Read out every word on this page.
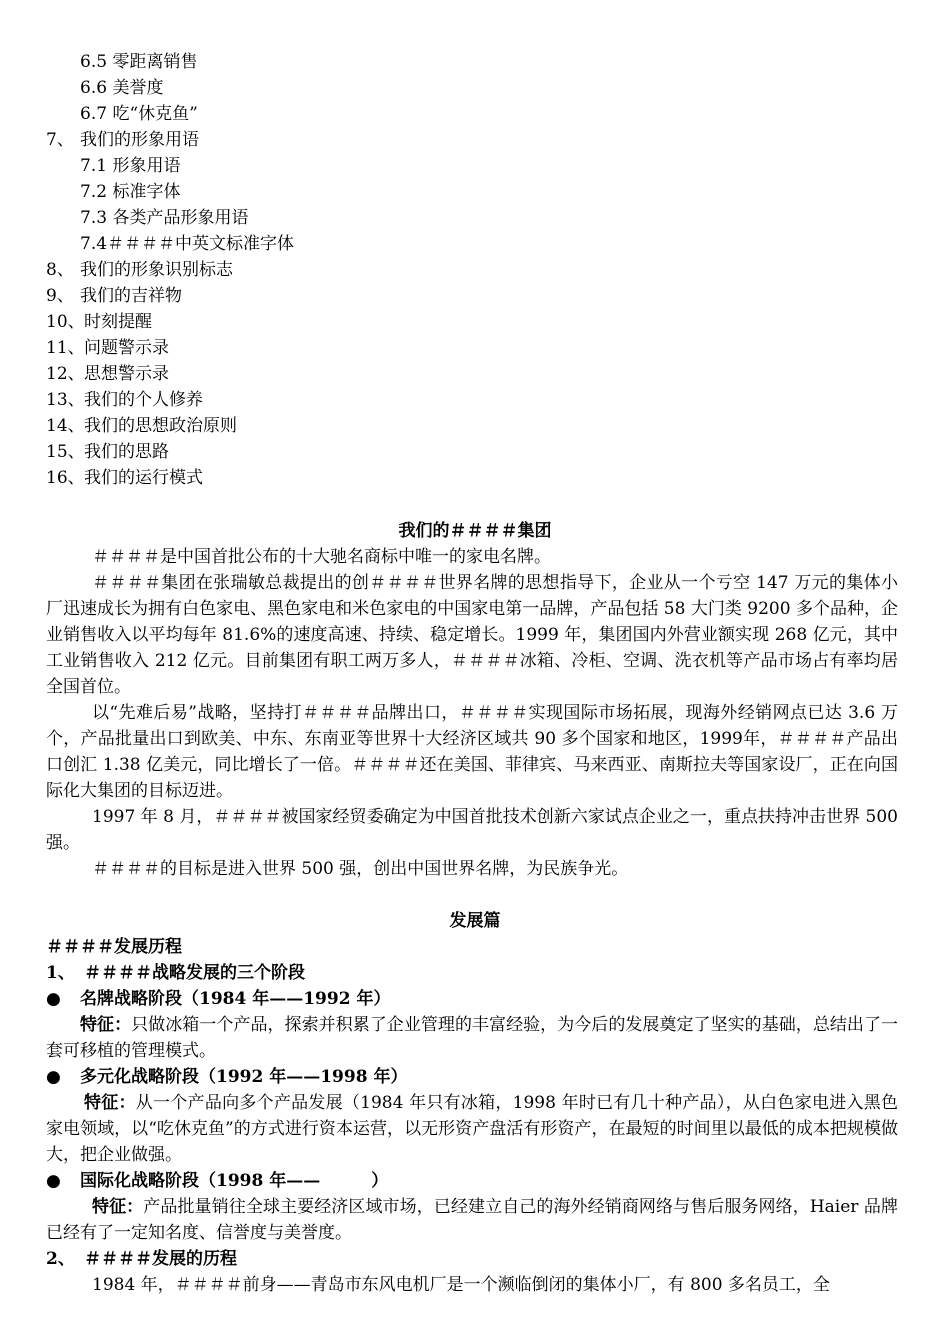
6.5 零距离销售
6.6 美誉度
6.7 吃“休克鱼”
7、 我们的形象用语
7.1 形象用语
7.2 标准字体
7.3 各类产品形象用语
7.4＃＃＃＃中英文标准字体
8、 我们的形象识别标志
9、 我们的吉祥物
10、时刻提醒
11、问题警示录
12、思想警示录
13、我们的个人修养
14、我们的思想政治原则
15、我们的思路
16、我们的运行模式
我们的＃＃＃＃集团

＃＃＃＃是中国首批公布的十大驰名商标中唯一的家电名牌。

＃＃＃＃集团在张瑞敏总裁提出的创＃＃＃＃世界名牌的思想指导下，企业从一个亏空 147 万元的集体小厂迅速成长为拥有白色家电、黑色家电和米色家电的中国家电第一品牌，产品包括 58 大门类 9200 多个品种，企业销售收入以平均每年 81.6%的速度高速、持续、稳定增长。1999 年，集团国内外营业额实现 268 亿元，其中工业销售收入 212 亿元。目前集团有职工两万多人，＃＃＃＃冰箱、冷柜、空调、洗衣机等产品市场占有率均居全国首位。

以“先难后易”战略，坚持打＃＃＃＃品牌出口，＃＃＃＃实现国际市场拓展，现海外经销网点已达 3.6 万个，产品批量出口到欧美、中东、东南亚等世界十大经济区域共 90 多个国家和地区，1999年，＃＃＃＃产品出口创汇 1.38 亿美元，同比增长了一倍。＃＃＃＃还在美国、菲律宾、马来西亚、南斯拉夫等国家设厂，正在向国际化大集团的目标迈进。

1997 年 8 月，＃＃＃＃被国家经贸委确定为中国首批技术创新六家试点企业之一，重点扶持冲击世界 500 强。

＃＃＃＃的目标是进入世界 500 强，创出中国世界名牌，为民族争光。

发展篇
＃＃＃＃发展历程
1、 ＃＃＃＃战略发展的三个阶段
● 名牌战略阶段（1984 年——1992 年）
特征：只做冰箱一个产品，探索并积累了企业管理的丰富经验，为今后的发展奠定了坚实的基础，总结出了一套可移植的管理模式。
● 多元化战略阶段（1992 年——1998 年）
特征：从一个产品向多个产品发展（1984 年只有冰箱，1998 年时已有几十种产品），从白色家电进入黑色家电领域，以“吃休克鱼”的方式进行资本运营，以无形资产盘活有形资产，在最短的时间里以最低的成本把规模做大，把企业做强。
● 国际化战略阶段（1998 年——　　　）
特征：产品批量销往全球主要经济区域市场，已经建立自己的海外经销商网络与售后服务网络，Haier 品牌已经有了一定知名度、信誉度与美誉度。
2、 ＃＃＃＃发展的历程

1984 年，＃＃＃＃前身——青岛市东风电机厂是一个濒临倒闭的集体小厂，有 800 多名员工，全
